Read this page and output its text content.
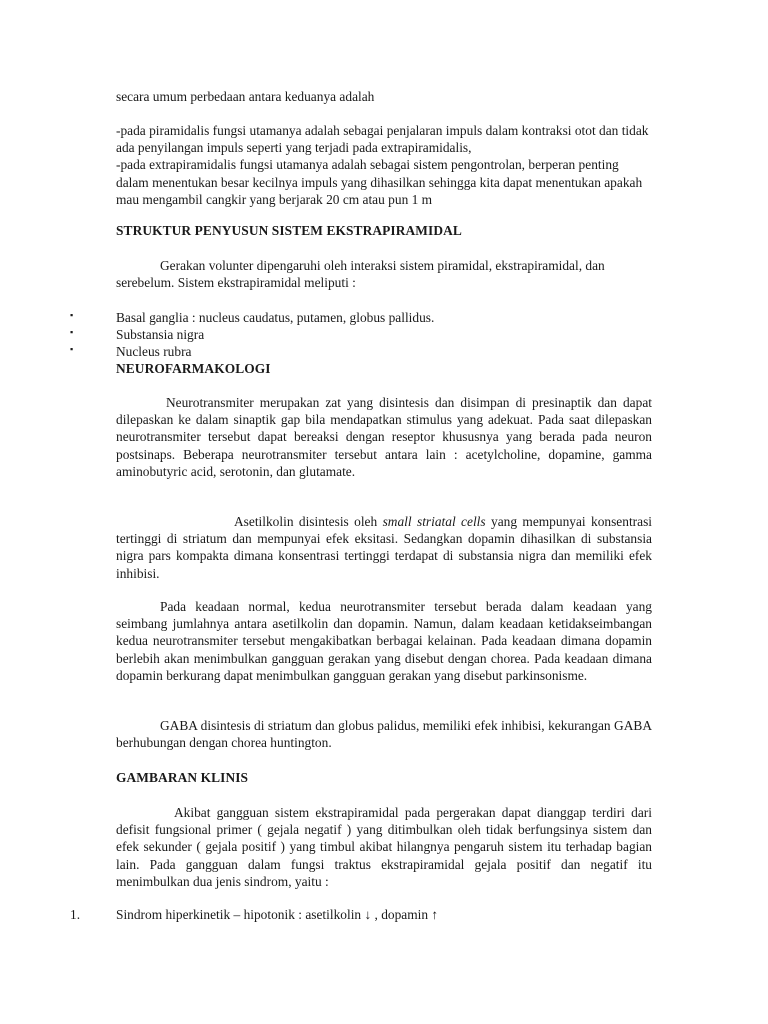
secara umum perbedaan antara keduanya adalah

-pada piramidalis fungsi utamanya adalah sebagai penjalaran impuls dalam kontraksi otot dan tidak ada penyilangan impuls seperti yang terjadi pada extrapiramidalis,

-pada extrapiramidalis fungsi utamanya adalah sebagai sistem pengontrolan, berperan penting dalam menentukan besar kecilnya impuls yang dihasilkan sehingga kita dapat menentukan apakah mau mengambil cangkir yang berjarak 20 cm atau pun 1 m

STRUKTUR PENYUSUN SISTEM EKSTRAPIRAMIDAL

Gerakan volunter dipengaruhi oleh interaksi sistem piramidal, ekstrapiramidal, dan serebelum. Sistem ekstrapiramidal meliputi :

▪	Basal ganglia : nucleus caudatus, putamen, globus pallidus.
▪	Substansia nigra
▪	Nucleus rubra
NEUROFARMAKOLOGI

Neurotransmiter merupakan zat yang disintesis dan disimpan di presinaptik dan dapat dilepaskan ke dalam sinaptik gap bila mendapatkan stimulus yang adekuat. Pada saat dilepaskan neurotransmiter tersebut dapat bereaksi dengan reseptor khususnya yang berada pada neuron postsinaps. Beberapa neurotransmiter tersebut antara lain : acetylcholine, dopamine, gamma aminobutyric acid, serotonin, dan glutamate.

Asetilkolin disintesis oleh small striatal cells yang mempunyai konsentrasi tertinggi di striatum dan mempunyai efek eksitasi. Sedangkan dopamin dihasilkan di substansia nigra pars kompakta dimana konsentrasi tertinggi terdapat di substansia nigra dan memiliki efek inhibisi.

Pada keadaan normal, kedua neurotransmiter tersebut berada dalam keadaan yang seimbang jumlahnya antara asetilkolin dan dopamin. Namun, dalam keadaan ketidakseimbangan kedua neurotransmiter tersebut mengakibatkan berbagai kelainan. Pada keadaan dimana dopamin berlebih akan menimbulkan gangguan gerakan yang disebut dengan chorea. Pada keadaan dimana dopamin berkurang dapat menimbulkan gangguan gerakan yang disebut parkinsonisme.

GABA disintesis di striatum dan globus palidus, memiliki efek inhibisi, kekurangan GABA berhubungan dengan chorea huntington.

GAMBARAN KLINIS

Akibat gangguan sistem ekstrapiramidal pada pergerakan dapat dianggap terdiri dari defisit fungsional primer ( gejala negatif ) yang ditimbulkan oleh tidak berfungsinya sistem dan efek sekunder ( gejala positif ) yang timbul akibat hilangnya pengaruh sistem itu terhadap bagian lain. Pada gangguan dalam fungsi traktus ekstrapiramidal gejala positif dan negatif itu menimbulkan dua jenis sindrom, yaitu :

1.	Sindrom hiperkinetik – hipotonik : asetilkolin ↓ , dopamin ↑
